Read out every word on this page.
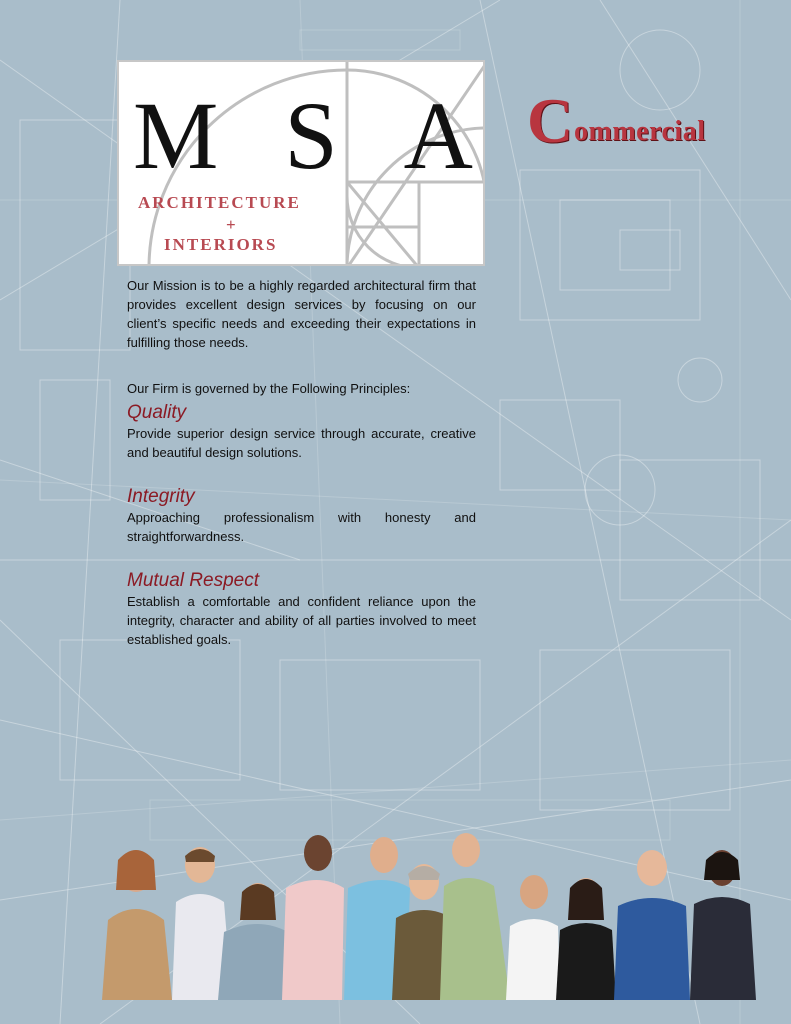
M S A
ARCHITECTURE
+
INTERIORS
C ommercial

Our Mission is to be a highly regarded architectural firm that provides excellent design services by focusing on our client’s specific needs and exceeding their expectations in fulfilling those needs.

Our Firm is governed by the Following Principles:

Quality

Provide superior design service through accurate, creative and beautiful design solutions.

Integrity

Approaching professionalism with honesty and straightforwardness.

Mutual Respect

Establish a comfortable and confident reliance upon the integrity, character and ability of all parties involved to meet established goals.
